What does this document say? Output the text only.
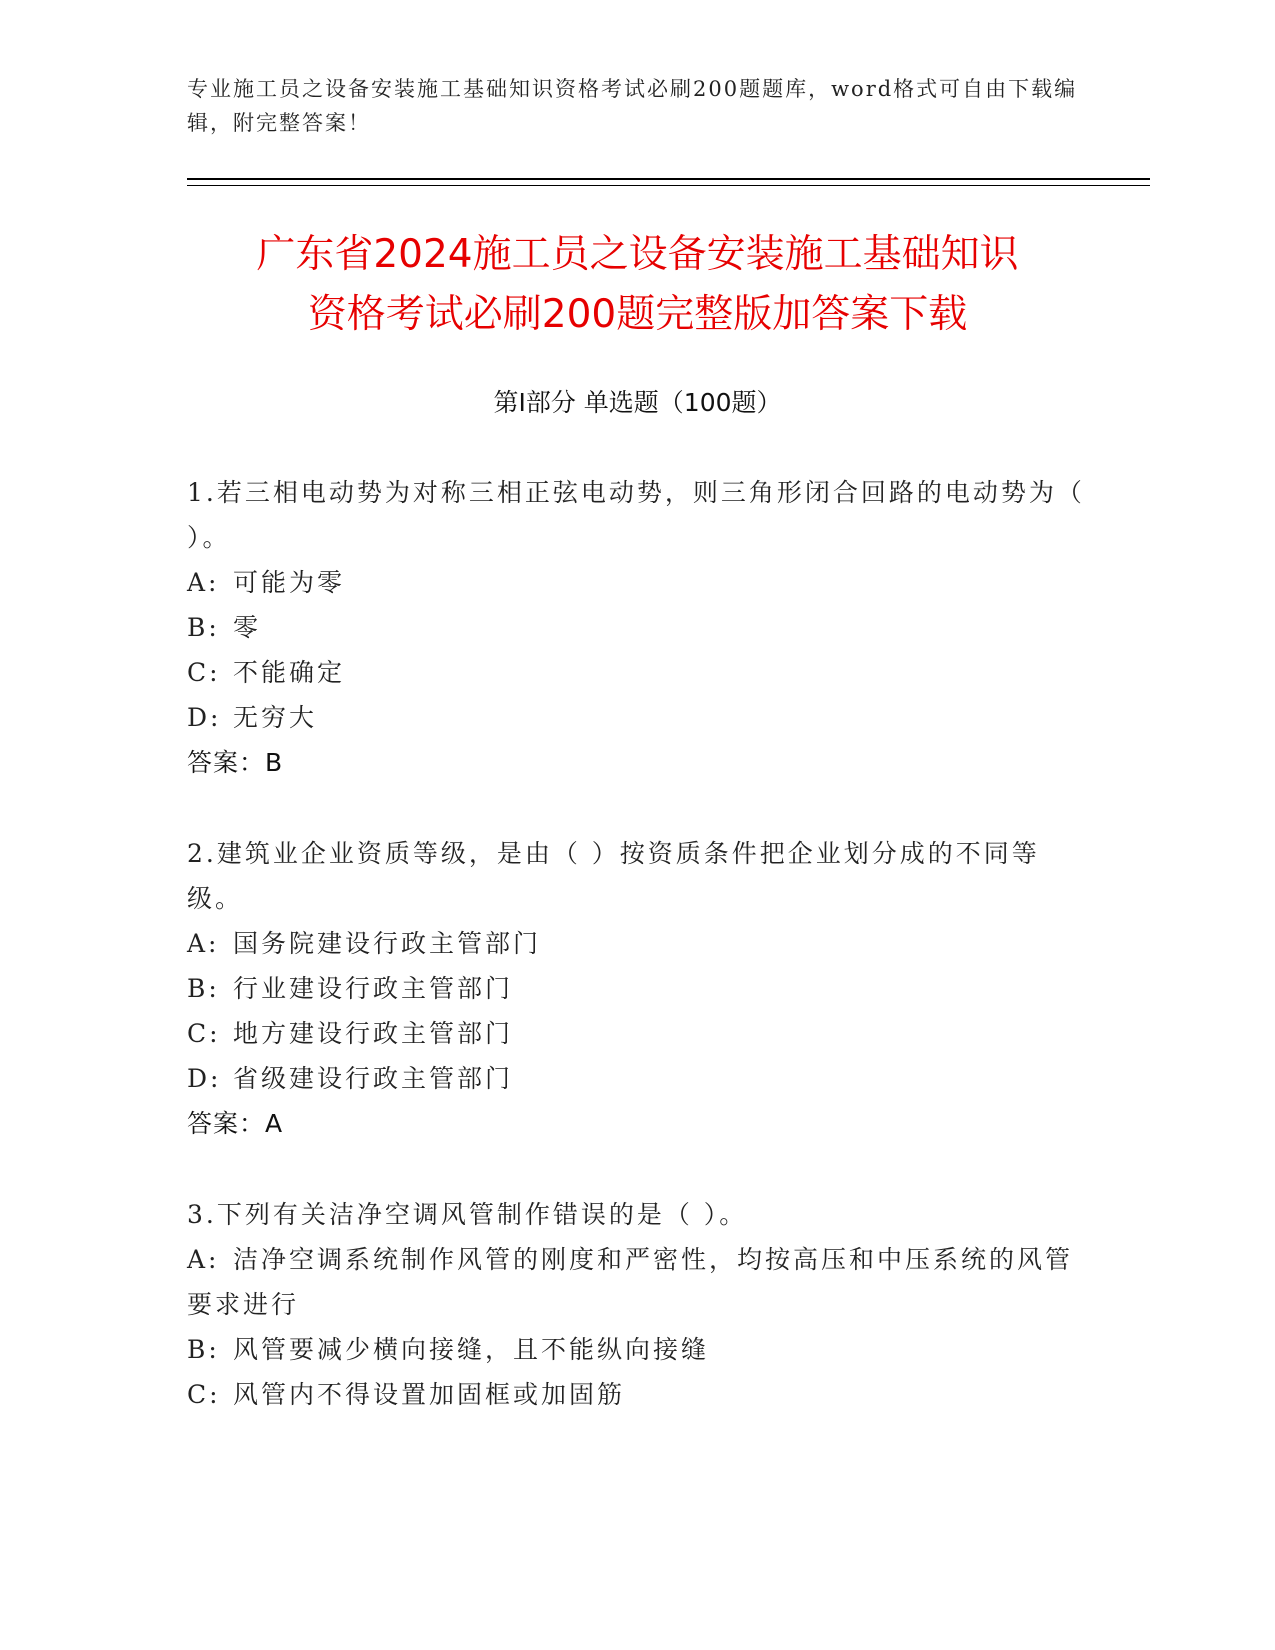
专业施工员之设备安装施工基础知识资格考试必刷200题题库，word格式可自由下载编辑，附完整答案！
广东省2024施工员之设备安装施工基础知识
资格考试必刷200题完整版加答案下载
第Ⅰ部分 单选题（100题）
1.若三相电动势为对称三相正弦电动势，则三角形闭合回路的电动势为（ ）。
A: 可能为零
B: 零
C: 不能确定
D: 无穷大
答案：B
2.建筑业企业资质等级，是由（ ）按资质条件把企业划分成的不同等级。
A: 国务院建设行政主管部门
B: 行业建设行政主管部门
C: 地方建设行政主管部门
D: 省级建设行政主管部门
答案：A
3.下列有关洁净空调风管制作错误的是（ ）。
A: 洁净空调系统制作风管的刚度和严密性，均按高压和中压系统的风管要求进行
B: 风管要减少横向接缝，且不能纵向接缝
C: 风管内不得设置加固框或加固筋
